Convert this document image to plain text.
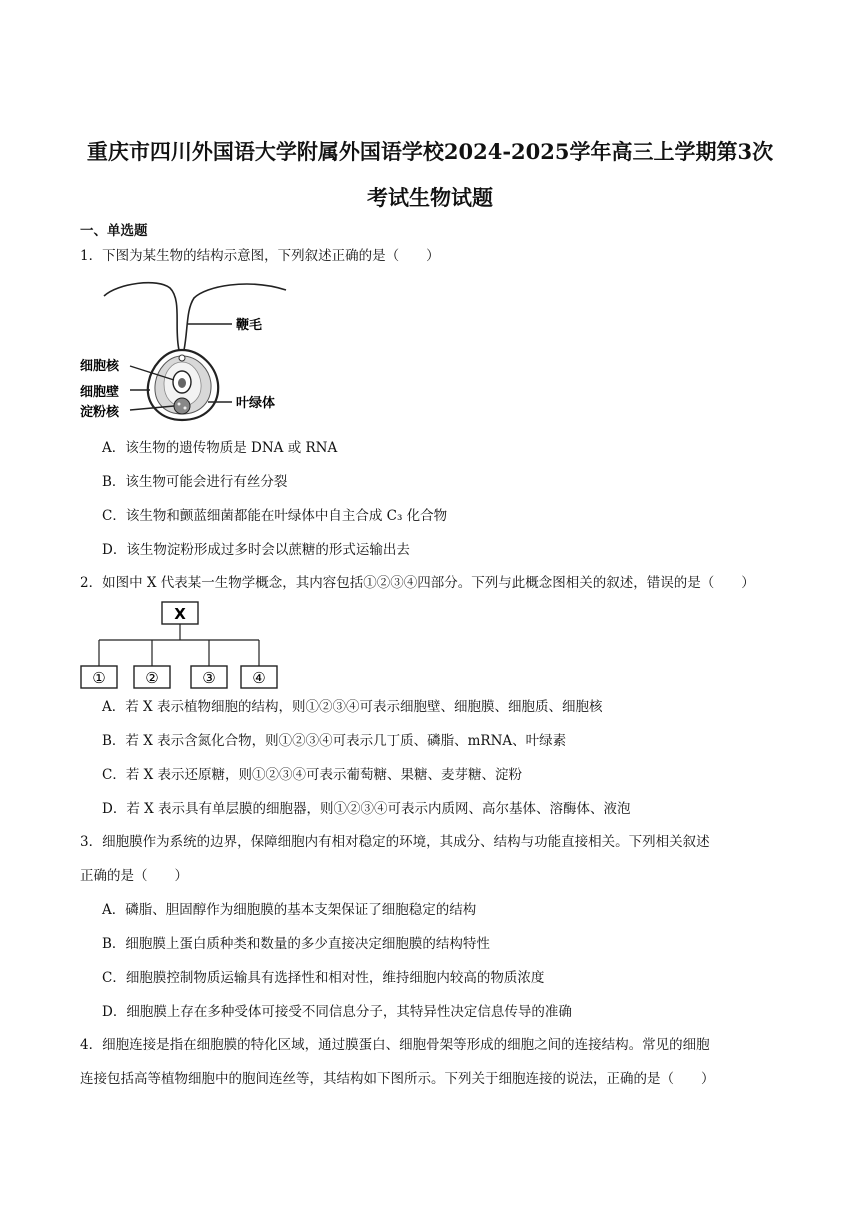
重庆市四川外国语大学附属外国语学校2024-2025学年高三上学期第3次
考试生物试题
一、单选题
1．下图为某生物的结构示意图，下列叙述正确的是（　　）
鞭毛
细胞核
细胞壁
淀粉核
叶绿体
A．该生物的遗传物质是 DNA 或 RNA
B．该生物可能会进行有丝分裂
C．该生物和颤蓝细菌都能在叶绿体中自主合成 C₃ 化合物
D．该生物淀粉形成过多时会以蔗糖的形式运输出去
2．如图中 X 代表某一生物学概念，其内容包括①②③④四部分。下列与此概念图相关的叙述，错误的是（　　）
X
①	②	③ ④
A．若 X 表示植物细胞的结构，则①②③④可表示细胞壁、细胞膜、细胞质、细胞核
B．若 X 表示含氮化合物，则①②③④可表示几丁质、磷脂、mRNA、叶绿素
C．若 X 表示还原糖，则①②③④可表示葡萄糖、果糖、麦芽糖、淀粉
D．若 X 表示具有单层膜的细胞器，则①②③④可表示内质网、高尔基体、溶酶体、液泡
3．细胞膜作为系统的边界，保障细胞内有相对稳定的环境，其成分、结构与功能直接相关。下列相关叙述
正确的是（　　）
A．磷脂、胆固醇作为细胞膜的基本支架保证了细胞稳定的结构
B．细胞膜上蛋白质种类和数量的多少直接决定细胞膜的结构特性
C．细胞膜控制物质运输具有选择性和相对性，维持细胞内较高的物质浓度
D．细胞膜上存在多种受体可接受不同信息分子，其特异性决定信息传导的准确
4．细胞连接是指在细胞膜的特化区域，通过膜蛋白、细胞骨架等形成的细胞之间的连接结构。常见的细胞
连接包括高等植物细胞中的胞间连丝等，其结构如下图所示。下列关于细胞连接的说法，正确的是（　　）
